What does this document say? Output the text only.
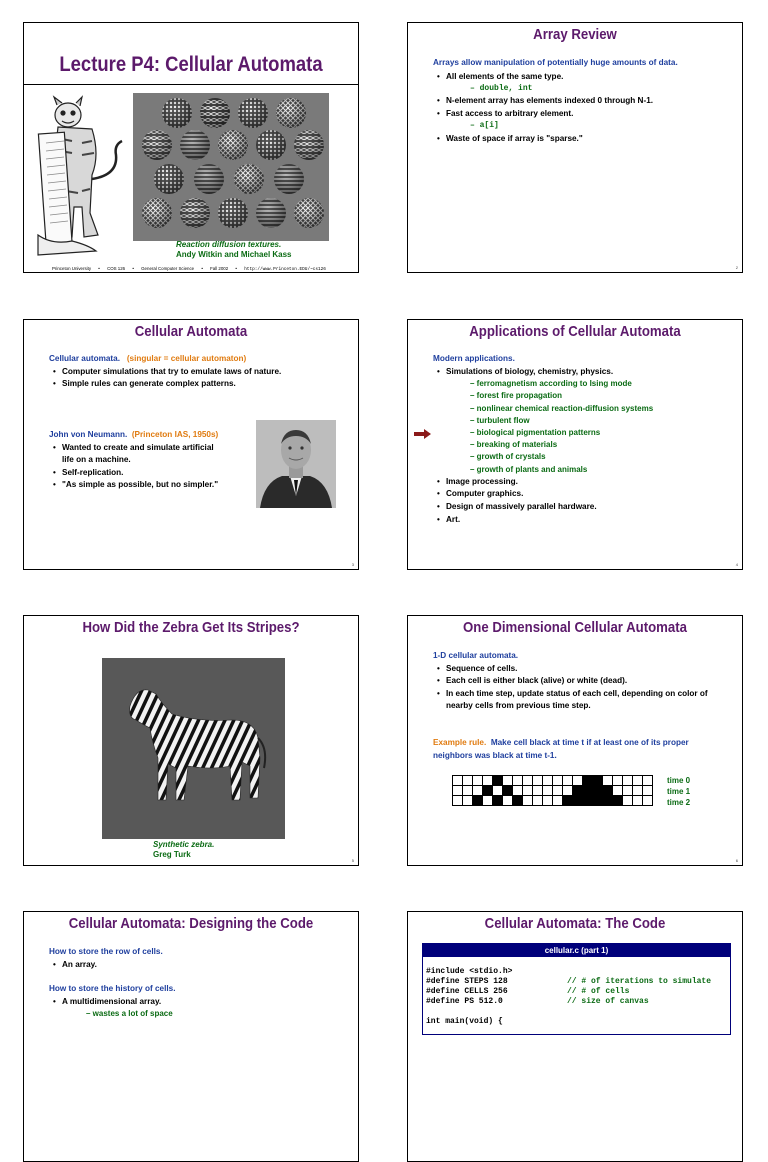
Lecture P4: Cellular Automata
Reaction diffusion textures.
Andy Witkin and Michael Kass
Princeton University • COS 126 • General Computer Science • Fall 2002 • http://www.Princeton.EDU/~cs126
Array Review
Arrays allow manipulation of potentially huge amounts of data.
• All elements of the same type.
– double, int
• N-element array has elements indexed 0 through N-1.
• Fast access to arbitrary element.
– a[i]
• Waste of space if array is "sparse."
2
Cellular Automata
Cellular automata. (singular = cellular automaton)
• Computer simulations that try to emulate laws of nature.
• Simple rules can generate complex patterns.
John von Neumann. (Princeton IAS, 1950s)
• Wanted to create and simulate artificial
life on a machine.
• Self-replication.
• "As simple as possible, but no simpler."
3
Applications of Cellular Automata
Modern applications.
• Simulations of biology, chemistry, physics.
– ferromagnetism according to Ising mode
– forest fire propagation
– nonlinear chemical reaction-diffusion systems
– turbulent flow
– biological pigmentation patterns
– breaking of materials
– growth of crystals
– growth of plants and animals
• Image processing.
• Computer graphics.
• Design of massively parallel hardware.
• Art.
4
How Did the Zebra Get Its Stripes?
Synthetic zebra.
Greg Turk
5
One Dimensional Cellular Automata
1-D cellular automata.
• Sequence of cells.
• Each cell is either black (alive) or white (dead).
• In each time step, update status of each cell, depending on color of
nearby cells from previous time step.
Example rule. Make cell black at time t if at least one of its proper
neighbors was black at time t-1.

time 0
time 1
time 2
6
Cellular Automata: Designing the Code
How to store the row of cells.
• An array.
How to store the history of cells.
• A multidimensional array.
– wastes a lot of space
Cellular Automata: The Code
cellular.c (part 1)
#include <stdio.h>
#define STEPS 128	// # of iterations to simulate
#define CELLS 256	// # of cells
#define PS 512.0	// size of canvas
int main(void) {
